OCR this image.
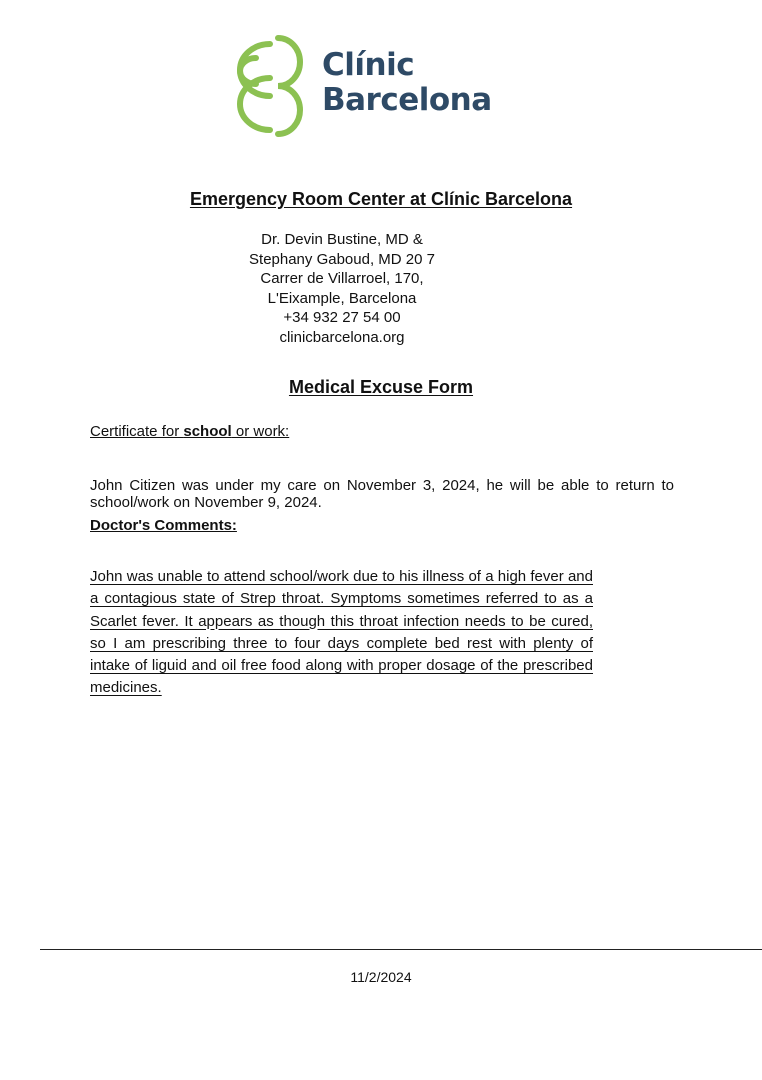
Clínic
Barcelona
Emergency Room Center at Clínic Barcelona
Dr. Devin Bustine, MD &
Stephany Gaboud, MD 20 7
Carrer de Villarroel, 170,
L'Eixample, Barcelona
+34 932 27 54 00
clinicbarcelona.org
Medical Excuse Form
Certificate for school or work:
John Citizen was under my care on November 3, 2024, he will be able to return to school/work on November 9, 2024.
Doctor's Comments:
John was unable to attend school/work due to his illness of a high fever and a contagious state of Strep throat. Symptoms sometimes referred to as a Scarlet fever. It appears as though this throat infection needs to be cured, so I am prescribing three to four days complete bed rest with plenty of intake of liguid and oil free food along with proper dosage of the prescribed medicines.
11/2/2024
